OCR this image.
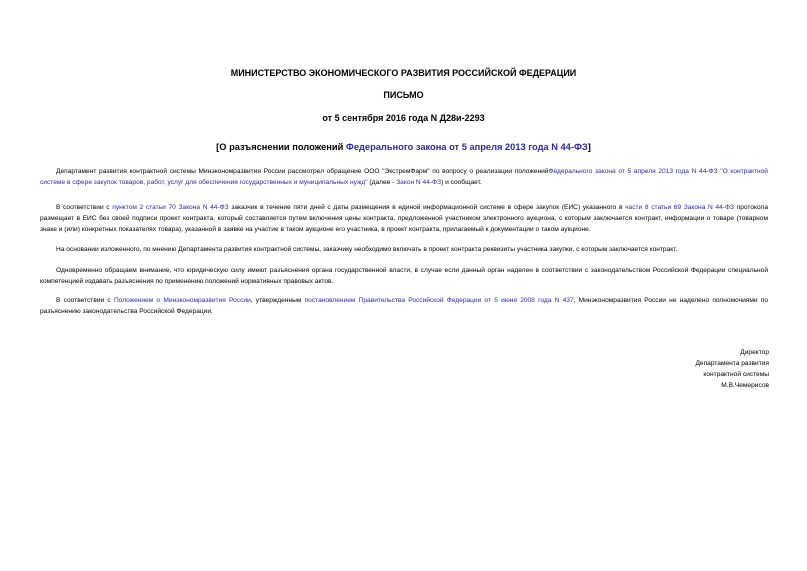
МИНИСТЕРСТВО ЭКОНОМИЧЕСКОГО РАЗВИТИЯ РОССИЙСКОЙ ФЕДЕРАЦИИ
ПИСЬМО
от 5 сентября 2016 года N Д28и-2293
[О разъяснении положений Федерального закона от 5 апреля 2013 года N 44-ФЗ]

Департамент развития контрактной системы Минэкономразвития России рассмотрел обращение ООО "ЭкстремФарм" по вопросу о реализации положенийФедерального закона от 5 апреля 2013 года N 44-ФЗ "О контрактной системе в сфере закупок товаров, работ, услуг для обеспечения государственных и муниципальных нужд" (далее - Закон N 44-ФЗ) и сообщает.

В соответствии с пунктом 2 статьи 70 Закона N 44-ФЗ заказчик в течение пяти дней с даты размещения в единой информационной системе в сфере закупок (ЕИС) указанного в части 8 статьи 69 Закона N 44-ФЗ протокола размещает в ЕИС без своей подписи проект контракта, который составляется путем включения цены контракта, предложенной участником электронного аукциона, с которым заключается контракт, информации о товаре (товарном знаке и (или) конкретных показателях товара), указанной в заявке на участие в таком аукционе его участника, в проект контракта, прилагаемый к документации о таком аукционе.

На основании изложенного, по мнению Департамента развития контрактной системы, заказчику необходимо включать в проект контракта реквизиты участника закупки, с которым заключается контракт.

Одновременно обращаем внимание, что юридическую силу имеют разъяснения органа государственной власти, в случае если данный орган наделен в соответствии с законодательством Российской Федерации специальной компетенцией издавать разъяснения по применению положений нормативных правовых актов.

В соответствии с Положением о Минэкономразвития России, утвержденным постановлением Правительства Российской Федерации от 5 июня 2008 года N 437, Минэкономразвития России не наделено полномочиями по разъяснению законодательства Российской Федерации.

Директор
Департамента развития
контрактной системы
М.В.Чемерисов
